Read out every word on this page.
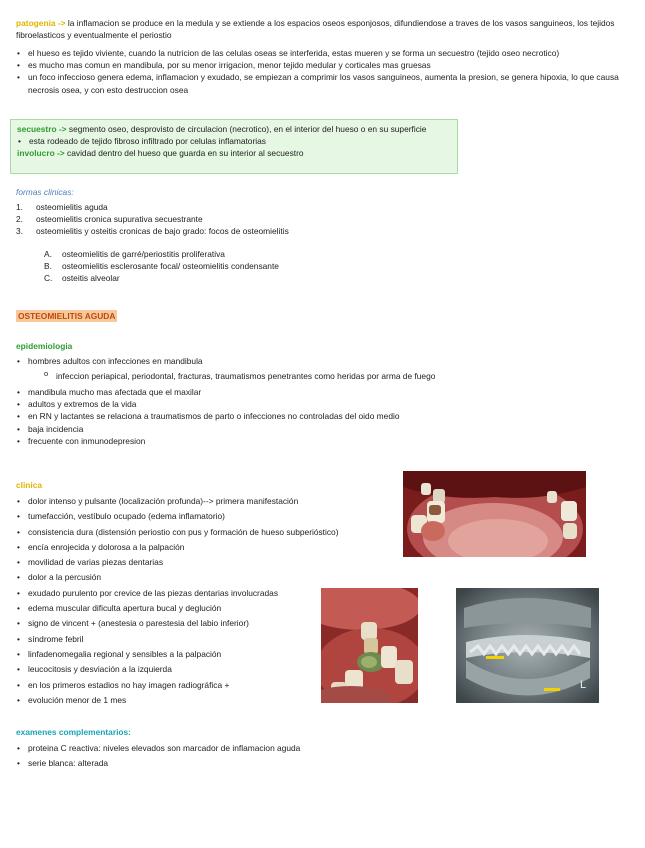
patogenia -> la inflamacion se produce en la medula y se extiende a los espacios oseos esponjosos, difundiendose a traves de los vasos sanguineos, los tejidos fibroelasticos y eventualmente el periostio
• el hueso es tejido viviente, cuando la nutricion de las celulas oseas se interferida, estas mueren y se forma un secuestro (tejido oseo necrotico)
• es mucho mas comun en mandibula, por su menor irrigacion, menor tejido medular y corticales mas gruesas
• un foco infeccioso genera edema, inflamacion y exudado, se empiezan a comprimir los vasos sanguineos, aumenta la presion, se genera hipoxia, lo que causa necrosis osea, y con esto destruccion osea
secuestro -> segmento oseo, desprovisto de circulacion (necrotico), en el interior del hueso o en su superficie
• esta rodeado de tejido fibroso infiltrado por celulas inflamatorias
involucro -> cavidad dentro del hueso que guarda en su interior al secuestro
formas clinicas:
1. osteomielitis aguda
2. osteomielitis cronica supurativa secuestrante
3. osteomielitis y osteitis cronicas de bajo grado: focos de osteomielitis
A. osteomielitis de garré/periostitis proliferativa
B. osteomielitis esclerosante focal/ osteomielitis condensante
C. osteitis alveolar
OSTEOMIELITIS AGUDA
epidemiologia
• hombres adultos con infecciones en mandibula
o infeccion periapical, periodontal, fracturas, traumatismos penetrantes como heridas por arma de fuego
• mandibula mucho mas afectada que el maxilar
• adultos y extremos de la vida
• en RN y lactantes se relaciona a traumatismos de parto o infecciones no controladas del oido medio
• baja incidencia
• frecuente con inmunodepresion
clinica
• dolor intenso y pulsante (localización profunda)--> primera manifestación
• tumefacción, vestíbulo ocupado (edema inflamatorio)
• consistencia dura (distensión periostio con pus y formación de hueso subperióstico)
• encía enrojecida y dolorosa a la palpación
• movilidad de varias piezas dentarias
• dolor a la percusión
• exudado purulento por crevice de las piezas dentarias involucradas
• edema muscular dificulta apertura bucal y deglución
• signo de vincent + (anestesia o parestesia del labio inferior)
• síndrome febril
• linfadenomegalia regional y sensibles a la palpación
• leucocitosis y desviación a la izquierda
• en los primeros estadios no hay imagen radiográfica +
• evolución menor de 1 mes
examenes complementarios:
• proteina C reactiva: niveles elevados son marcador de inflamacion aguda
• serie blanca: alterada
L
